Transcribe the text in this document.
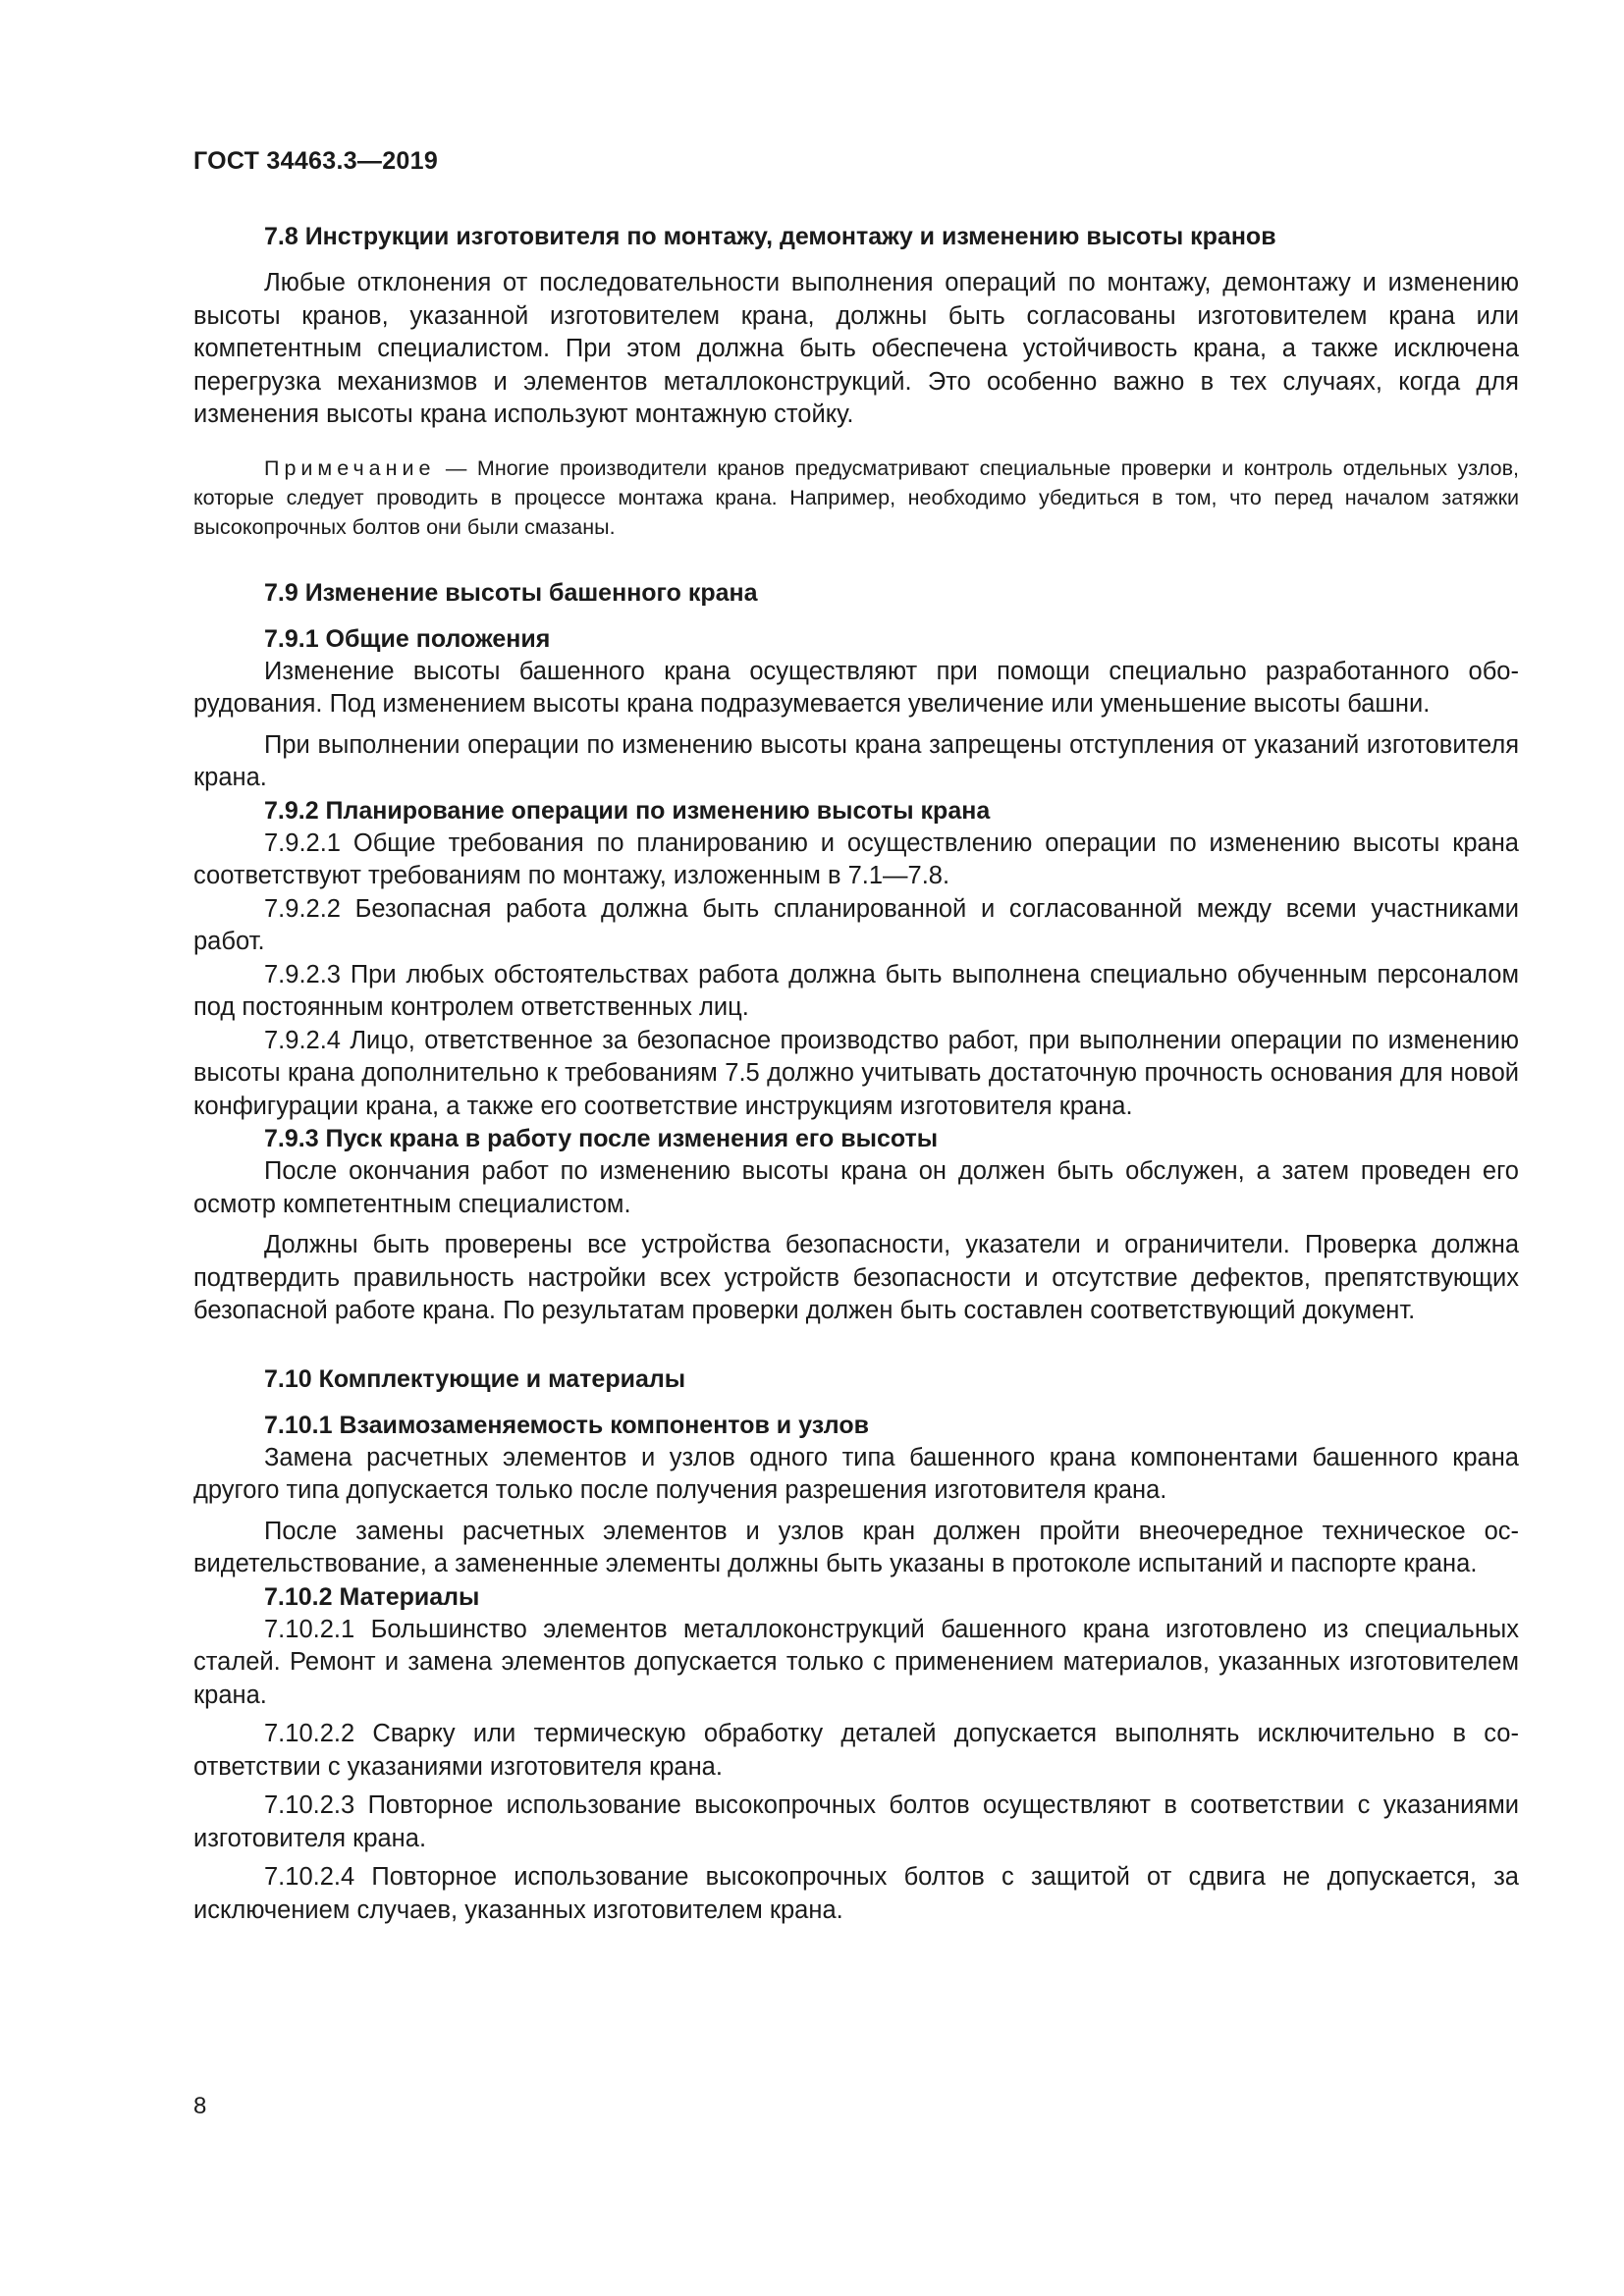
ГОСТ 34463.3—2019

7.8 Инструкции изготовителя по монтажу, демонтажу и изменению высоты кранов

Любые отклонения от последовательности выполнения операций по монтажу, демонтажу и изменению высоты кранов, указанной изготовителем крана, должны быть согласованы изготовителем крана или компетентным специалистом. При этом должна быть обеспечена устойчивость крана, а также исключена перегрузка механизмов и элементов металлоконструкций. Это особенно важно в тех случаях, когда для изменения высоты крана используют монтажную стойку.

Примечание — Многие производители кранов предусматривают специальные проверки и контроль отдельных узлов, которые следует проводить в процессе монтажа крана. Например, необходимо убедиться в том, что перед началом затяжки высокопрочных болтов они были смазаны.

7.9 Изменение высоты башенного крана

7.9.1 Общие положения

Изменение высоты башенного крана осуществляют при помощи специально разработанного оборудования. Под изменением высоты крана подразумевается увеличение или уменьшение высоты башни.

При выполнении операции по изменению высоты крана запрещены отступления от указаний изготовителя крана.

7.9.2 Планирование операции по изменению высоты крана

7.9.2.1 Общие требования по планированию и осуществлению операции по изменению высоты крана соответствуют требованиям по монтажу, изложенным в 7.1—7.8.

7.9.2.2 Безопасная работа должна быть спланированной и согласованной между всеми участниками работ.

7.9.2.3 При любых обстоятельствах работа должна быть выполнена специально обученным персоналом под постоянным контролем ответственных лиц.

7.9.2.4 Лицо, ответственное за безопасное производство работ, при выполнении операции по изменению высоты крана дополнительно к требованиям 7.5 должно учитывать достаточную прочность основания для новой конфигурации крана, а также его соответствие инструкциям изготовителя крана.

7.9.3 Пуск крана в работу после изменения его высоты

После окончания работ по изменению высоты крана он должен быть обслужен, а затем проведен его осмотр компетентным специалистом.

Должны быть проверены все устройства безопасности, указатели и ограничители. Проверка должна подтвердить правильность настройки всех устройств безопасности и отсутствие дефектов, препятствующих безопасной работе крана. По результатам проверки должен быть составлен соответствующий документ.

7.10 Комплектующие и материалы

7.10.1 Взаимозаменяемость компонентов и узлов

Замена расчетных элементов и узлов одного типа башенного крана компонентами башенного крана другого типа допускается только после получения разрешения изготовителя крана.

После замены расчетных элементов и узлов кран должен пройти внеочередное техническое освидетельствование, а замененные элементы должны быть указаны в протоколе испытаний и паспорте крана.

7.10.2 Материалы

7.10.2.1 Большинство элементов металлоконструкций башенного крана изготовлено из специальных сталей. Ремонт и замена элементов допускается только с применением материалов, указанных изготовителем крана.

7.10.2.2 Сварку или термическую обработку деталей допускается выполнять исключительно в соответствии с указаниями изготовителя крана.

7.10.2.3 Повторное использование высокопрочных болтов осуществляют в соответствии с указаниями изготовителя крана.

7.10.2.4 Повторное использование высокопрочных болтов с защитой от сдвига не допускается, за исключением случаев, указанных изготовителем крана.

8
